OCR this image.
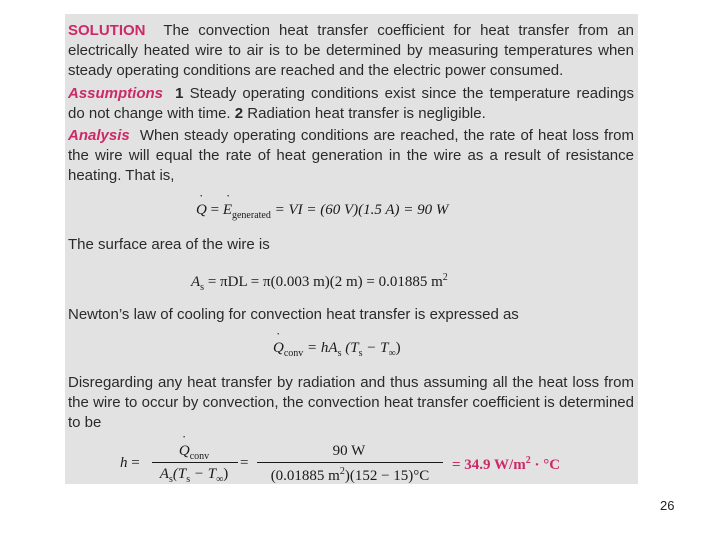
SOLUTION The convection heat transfer coefficient for heat transfer from an electrically heated wire to air is to be determined by measuring temperatures when steady operating conditions are reached and the electric power consumed.

Assumptions 1 Steady operating conditions exist since the temperature readings do not change with time. 2 Radiation heat transfer is negligible.

Analysis When steady operating conditions are reached, the rate of heat loss from the wire will equal the rate of heat generation in the wire as a result of resistance heating. That is,

˙ Q = ˙ $E_{generated}$ = VI = (60 V)(1.5 A) = 90 W

The surface area of the wire is

$A_s = \pi DL = \pi(0.003$ m)(2 m) = 0.01885 $m^2$

Newton’s law of cooling for convection heat transfer is expressed as

˙ $Q_{conv} = hA_s$ $(T_s - T_\infty)$

Disregarding any heat transfer by radiation and thus assuming all the heat loss from the wire to occur by convection, the convection heat transfer coefficient is determined to be

h =
˙ $Q_{conv}$
$A_s(T_s - T_\infty)$
=
90 W
(0.01885 $m^2)(152 - 15)^\circ C$
= 34.9 $W/m^2 \cdot ^\circ C$
26
